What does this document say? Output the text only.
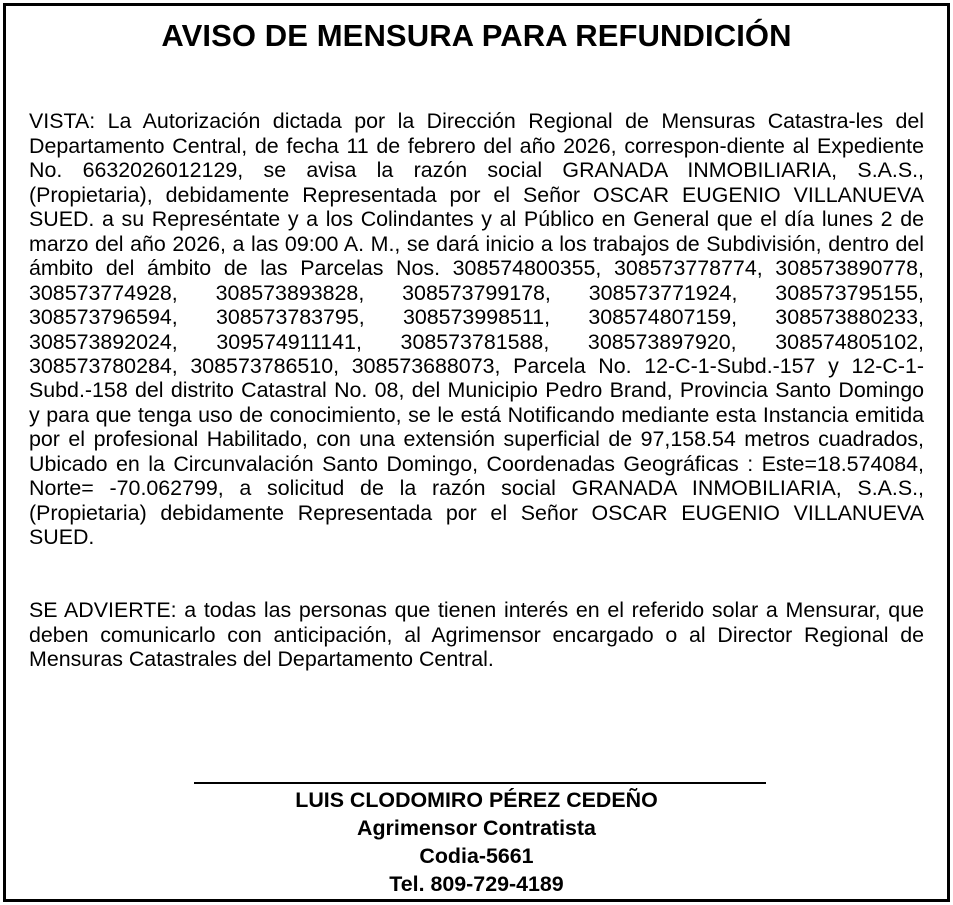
AVISO DE MENSURA PARA REFUNDICIÓN

VISTA: La Autorización dictada por la Dirección Regional de Mensuras Catastra-les del Departamento Central, de fecha 11 de febrero del año 2026, correspon-diente al Expediente No. 6632026012129, se avisa la razón social GRANADA INMOBILIARIA, S.A.S., (Propietaria), debidamente Representada por el Señor OSCAR EUGENIO VILLANUEVA SUED. a su Represéntate y a los Colindantes y al Público en General que el día lunes 2 de marzo del año 2026, a las 09:00 A. M., se dará inicio a los trabajos de Subdivisión, dentro del ámbito del ámbito de las Parcelas Nos. 308574800355, 308573778774, 308573890778, 308573774928, 308573893828, 308573799178, 308573771924, 308573795155, 308573796594, 308573783795, 308573998511, 308574807159, 308573880233, 308573892024, 309574911141, 308573781588, 308573897920, 308574805102, 308573780284, 308573786510, 308573688073, Parcela No. 12-C-1-Subd.-157 y 12-C-1-Subd.-158 del distrito Catastral No. 08, del Municipio Pedro Brand, Provincia Santo Domingo y para que tenga uso de conocimiento, se le está Notificando mediante esta Instancia emitida por el profesional Habilitado, con una extensión superficial de 97,158.54 metros cuadrados, Ubicado en la Circunvalación Santo Domingo, Coordenadas Geográficas : Este=18.574084, Norte= -70.062799, a solicitud de la razón social GRANADA INMOBILIARIA, S.A.S., (Propietaria) debidamente Representada por el Señor OSCAR EUGENIO VILLANUEVA SUED.

SE ADVIERTE: a todas las personas que tienen interés en el referido solar a Mensurar, que deben comunicarlo con anticipación, al Agrimensor encargado o al Director Regional de Mensuras Catastrales del Departamento Central.

LUIS CLODOMIRO PÉREZ CEDEÑO
Agrimensor Contratista
Codia-5661
Tel. 809-729-4189
